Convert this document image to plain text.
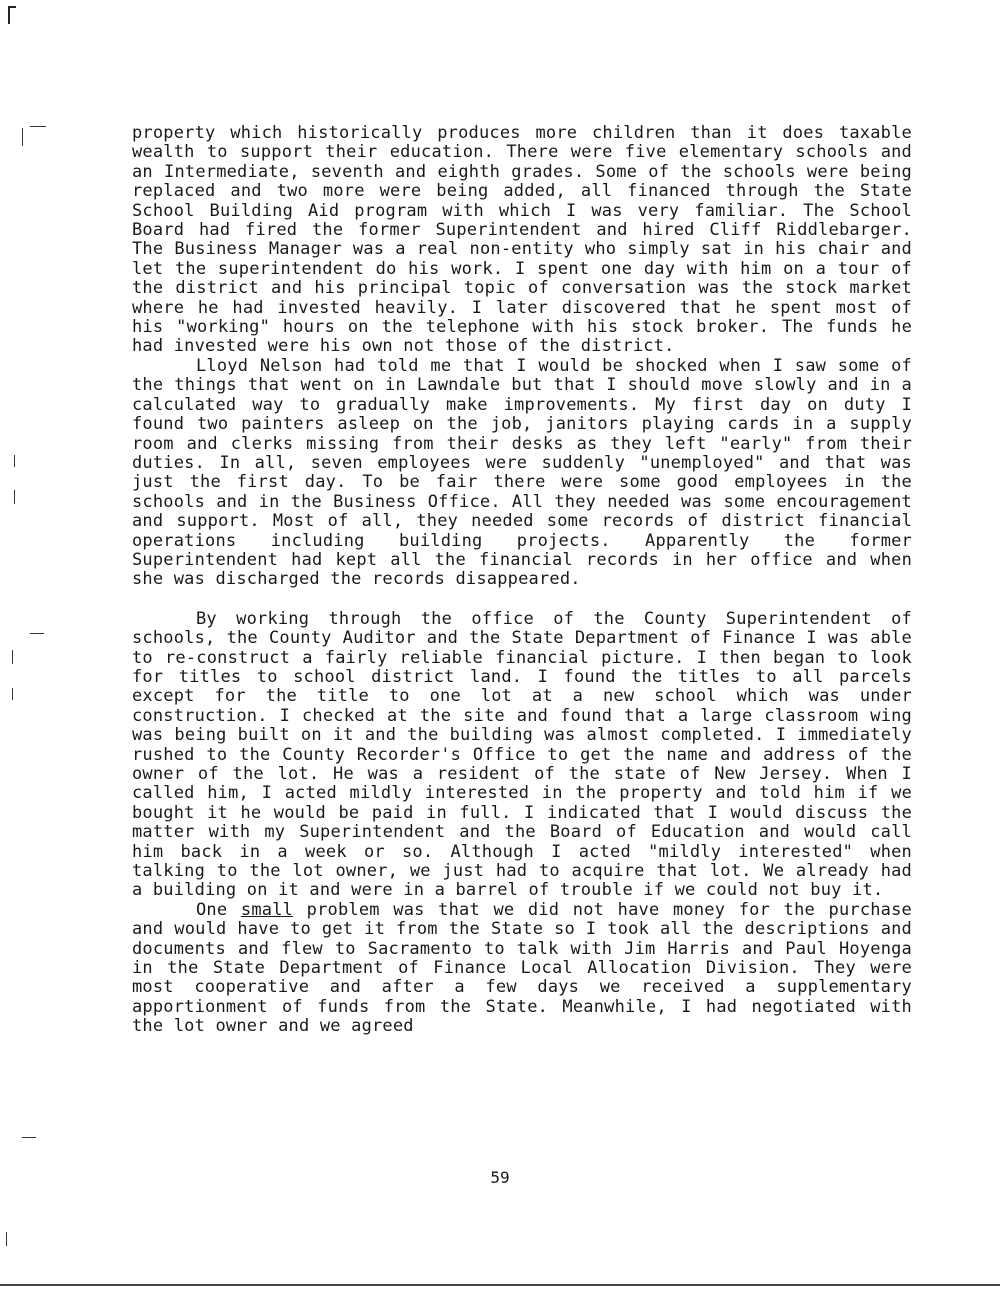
property which historically produces more children than it does taxable wealth to support their education. There were five elementary schools and an Intermediate, seventh and eighth grades. Some of the schools were being replaced and two more were being added, all financed through the State School Building Aid program with which I was very familiar. The School Board had fired the former Superintendent and hired Cliff Riddlebarger. The Business Manager was a real non-entity who simply sat in his chair and let the superintendent do his work. I spent one day with him on a tour of the district and his principal topic of conversation was the stock market where he had invested heavily. I later discovered that he spent most of his "working" hours on the telephone with his stock broker. The funds he had invested were his own not those of the district.

Lloyd Nelson had told me that I would be shocked when I saw some of the things that went on in Lawndale but that I should move slowly and in a calculated way to gradually make improvements. My first day on duty I found two painters asleep on the job, janitors playing cards in a supply room and clerks missing from their desks as they left "early" from their duties. In all, seven employees were suddenly "unemployed" and that was just the first day. To be fair there were some good employees in the schools and in the Business Office. All they needed was some encouragement and support. Most of all, they needed some records of district financial operations including building projects. Apparently the former Superintendent had kept all the financial records in her office and when she was discharged the records disappeared.

By working through the office of the County Superintendent of schools, the County Auditor and the State Department of Finance I was able to re-construct a fairly reliable financial picture. I then began to look for titles to school district land. I found the titles to all parcels except for the title to one lot at a new school which was under construction. I checked at the site and found that a large classroom wing was being built on it and the building was almost completed. I immediately rushed to the County Recorder's Office to get the name and address of the owner of the lot. He was a resident of the state of New Jersey. When I called him, I acted mildly interested in the property and told him if we bought it he would be paid in full. I indicated that I would discuss the matter with my Superintendent and the Board of Education and would call him back in a week or so. Although I acted "mildly interested" when talking to the lot owner, we just had to acquire that lot. We already had a building on it and were in a barrel of trouble if we could not buy it.

One small problem was that we did not have money for the purchase and would have to get it from the State so I took all the descriptions and documents and flew to Sacramento to talk with Jim Harris and Paul Hoyenga in the State Department of Finance Local Allocation Division. They were most cooperative and after a few days we received a supplementary apportionment of funds from the State. Meanwhile, I had negotiated with the lot owner and we agreed

59
